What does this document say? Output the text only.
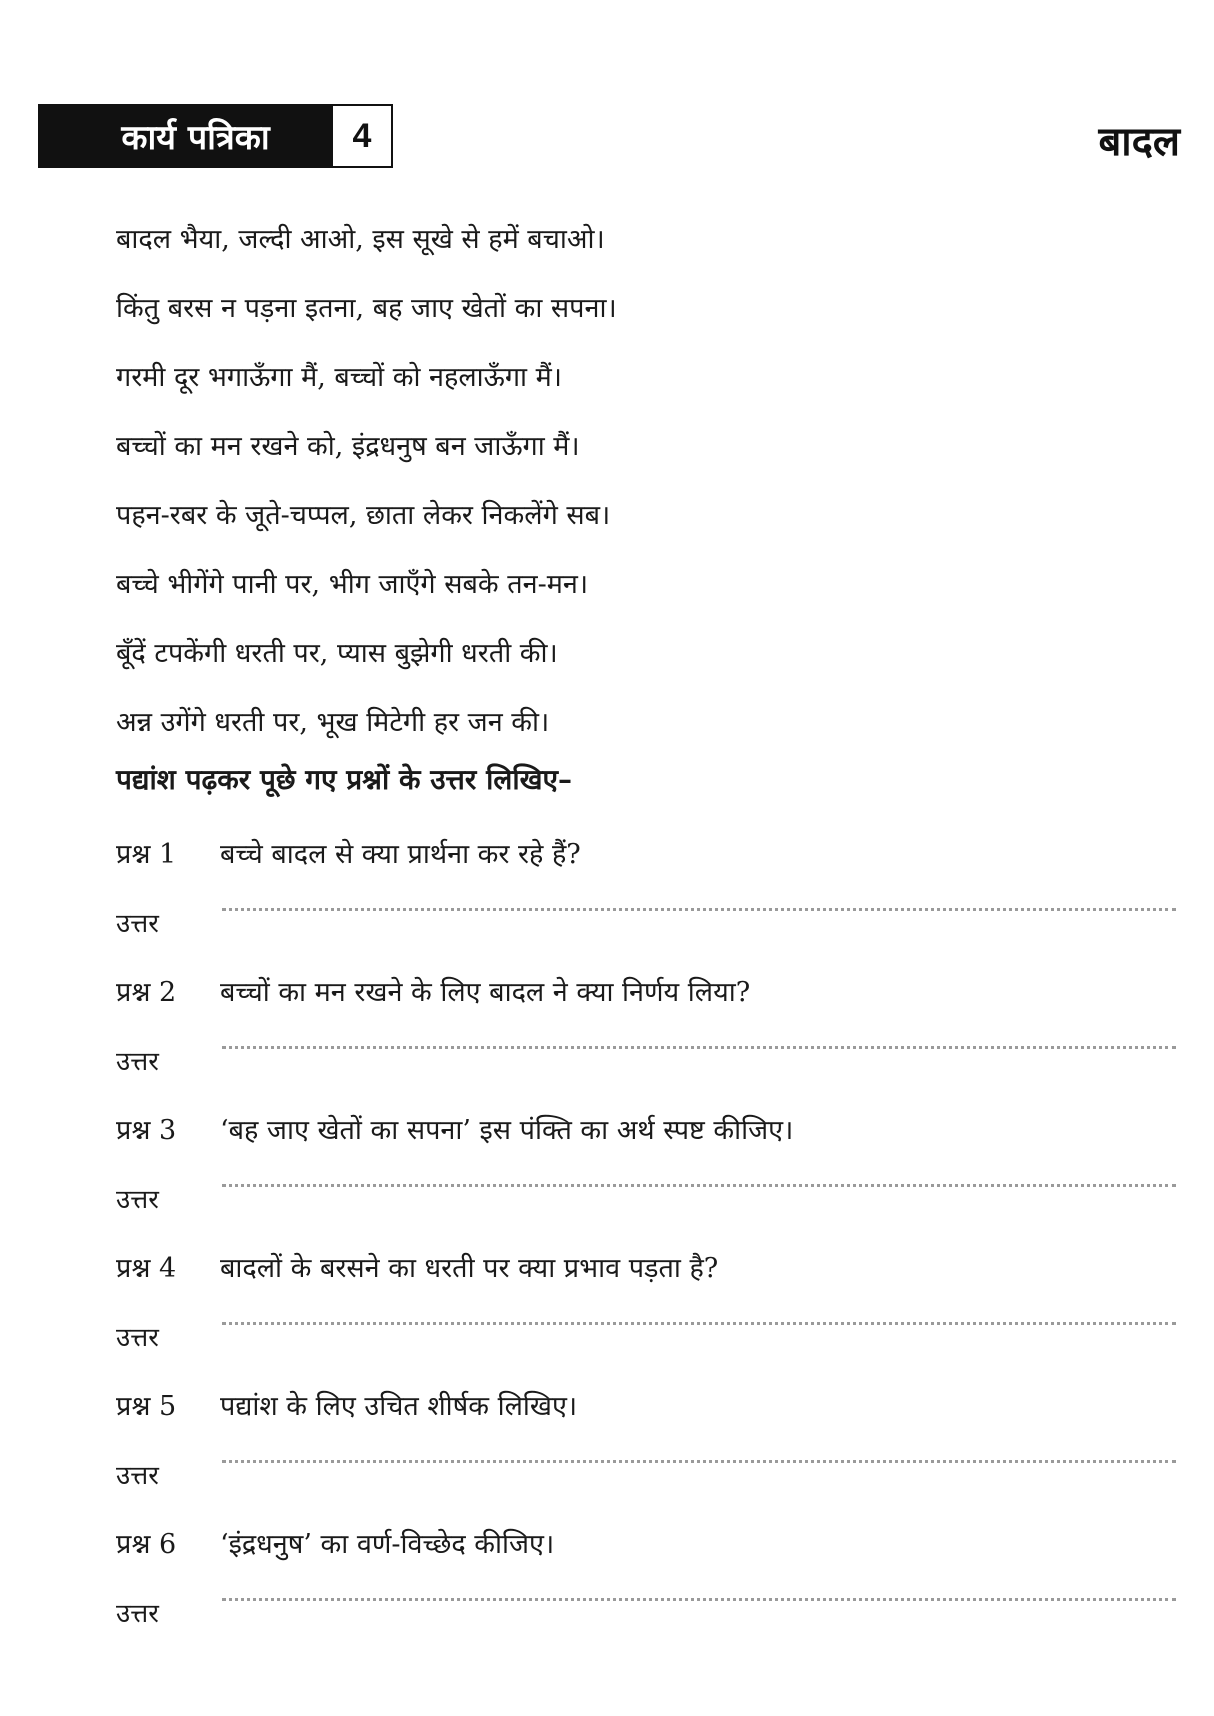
कार्य पत्रिका	4	बादल
बादल भैया, जल्दी आओ, इस सूखे से हमें बचाओ।
किंतु बरस न पड़ना इतना, बह जाए खेतों का सपना।
गरमी दूर भगाऊँगा मैं, बच्चों को नहलाऊँगा मैं।
बच्चों का मन रखने को, इंद्रधनुष बन जाऊँगा मैं।
पहन-रबर के जूते-चप्पल, छाता लेकर निकलेंगे सब।
बच्चे भीगेंगे पानी पर, भीग जाएँगे सबके तन-मन।
बूँदें टपकेंगी धरती पर, प्यास बुझेगी धरती की।
अन्न उगेंगे धरती पर, भूख मिटेगी हर जन की।
पद्यांश पढ़कर पूछे गए प्रश्नों के उत्तर लिखिए–
प्रश्न 1	बच्चे बादल से क्या प्रार्थना कर रहे हैं?
उत्तर
प्रश्न 2	बच्चों का मन रखने के लिए बादल ने क्या निर्णय लिया?
उत्तर
प्रश्न 3	‘बह जाए खेतों का सपना’ इस पंक्ति का अर्थ स्पष्ट कीजिए।
उत्तर
प्रश्न 4	बादलों के बरसने का धरती पर क्या प्रभाव पड़ता है?
उत्तर
प्रश्न 5	पद्यांश के लिए उचित शीर्षक लिखिए।
उत्तर
प्रश्न 6	‘इंद्रधनुष’ का वर्ण-विच्छेद कीजिए।
उत्तर
